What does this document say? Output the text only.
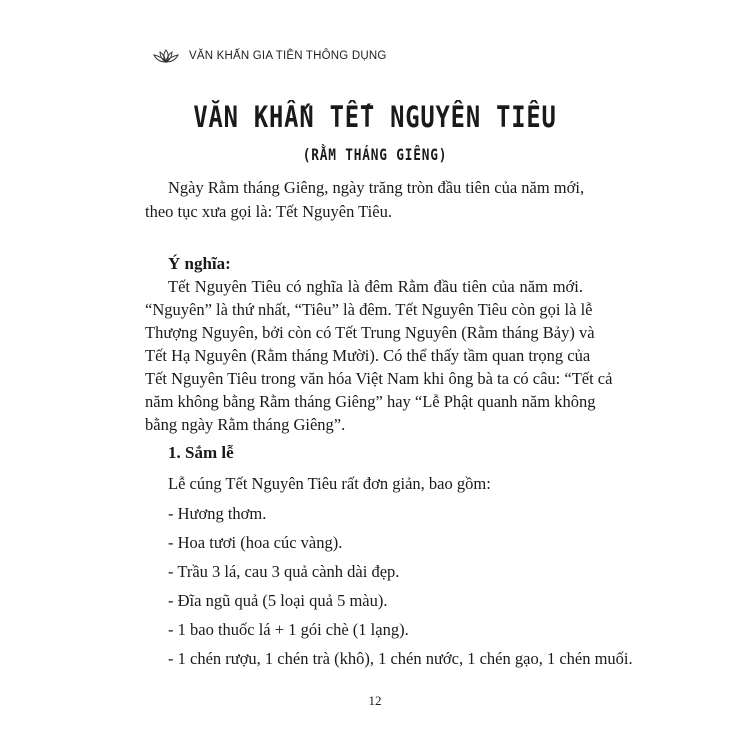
VĂN KHẤN GIA TIÊN THÔNG DỤNG
VĂN KHẤN TẾT NGUYÊN TIÊU
(RẰM THÁNG GIÊNG)
Ngày Rằm tháng Giêng, ngày trăng tròn đầu tiên của năm mới,
theo tục xưa gọi là: Tết Nguyên Tiêu.
Ý nghĩa:
Tết Nguyên Tiêu có nghĩa là đêm Rằm đầu tiên của năm mới.
“Nguyên” là thứ nhất, “Tiêu” là đêm. Tết Nguyên Tiêu còn gọi là lễ
Thượng Nguyên, bởi còn có Tết Trung Nguyên (Rằm tháng Bảy) và
Tết Hạ Nguyên (Rằm tháng Mười). Có thể thấy tầm quan trọng của
Tết Nguyên Tiêu trong văn hóa Việt Nam khi ông bà ta có câu: “Tết cả
năm không bằng Rằm tháng Giêng” hay “Lễ Phật quanh năm không
bằng ngày Rằm tháng Giêng”.
1. Sắm lễ
Lễ cúng Tết Nguyên Tiêu rất đơn giản, bao gồm:
- Hương thơm.
- Hoa tươi (hoa cúc vàng).
- Trầu 3 lá, cau 3 quả cành dài đẹp.
- Đĩa ngũ quả (5 loại quả 5 màu).
- 1 bao thuốc lá + 1 gói chè (1 lạng).
- 1 chén rượu, 1 chén trà (khô), 1 chén nước, 1 chén gạo, 1 chén muối.
12
